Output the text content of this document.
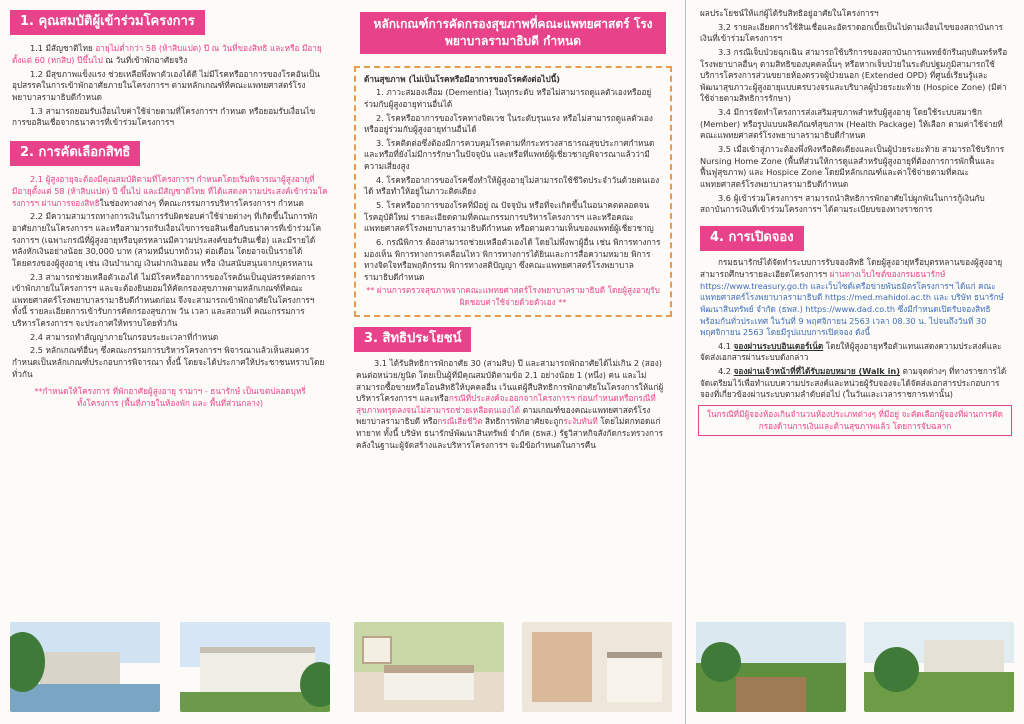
1. คุณสมบัติผู้เข้าร่วมโครงการ

1.1 มีสัญชาติไทย อายุไม่ต่ำกว่า 58 (ห้าสิบแปด) ปี ณ วันที่ของสิทธิ และหรือ มีอายุตั้งแต่ 60 (หกสิบ) ปีขึ้นไป ณ วันที่เข้าพักอาศัยจริง

1.2 มีสุขภาพแข็งแรง ช่วยเหลือพึ่งพาตัวเองได้ดี ไม่มีโรคหรืออาการของโรคอันเป็นอุปสรรคในการเข้าพักอาศัยภายในโครงการฯ ตามหลักเกณฑ์ที่คณะแพทยศาสตร์โรงพยาบาลรามาธิบดีกำหนด

1.3 สามารถยอมรับเงื่อนไขค่าใช้จ่ายตามที่โครงการฯ กำหนด หรือยอมรับเงื่อนไขการขอสินเชื่อจากธนาคารที่เข้าร่วมโครงการฯ

2. การคัดเลือกสิทธิ

2.1 ผู้สูงอายุจะต้องมีคุณสมบัติตามที่โครงการฯ กำหนดโดยเริ่มพิจารณาผู้สูงอายุที่มีอายุตั้งแต่ 58 (ห้าสิบแปด) ปี ขึ้นไป และมีสัญชาติไทย ที่ได้แสดงความประสงค์เข้าร่วมโครงการฯ ผ่านการจองสิทธิในช่องทางต่างๆ ที่คณะกรรมการบริหารโครงการฯ กำหนด

2.2 มีความสามารถทางการเงินในการรับผิดชอบค่าใช้จ่ายต่างๆ ที่เกิดขึ้นในการพักอาศัยภายในโครงการฯ และหรือสามารถรับเงื่อนไขการขอสินเชื่อกับธนาคารที่เข้าร่วมโครงการฯ (เฉพาะกรณีที่ผู้สูงอายุหรือบุตรหลานมีความประสงค์ขอรับสินเชื่อ) และมีรายได้หลังหักเงินอย่างน้อย 30,000 บาท (สามหมื่นบาทถ้วน) ต่อเดือน โดยอาจเป็นรายได้โดยตรงของผู้สูงอายุ เช่น เงินบำนาญ เงินฝากเงินออม หรือ เงินสนับสนุนจากบุตรหลาน

2.3 สามารถช่วยเหลือตัวเองได้ ไม่มีโรคหรืออาการของโรคอันเป็นอุปสรรคต่อการเข้าพักภายในโครงการฯ และจะต้องยินยอมให้คัดกรองสุขภาพตามหลักเกณฑ์ที่คณะแพทยศาสตร์โรงพยาบาลรามาธิบดีกำหนดก่อน จึงจะสามารถเข้าพักอาศัยในโครงการฯ ทั้งนี้ รายละเอียดการเข้ารับการคัดกรองสุขภาพ วัน เวลา และสถานที่ คณะกรรมการบริหารโครงการฯ จะประกาศให้ทราบโดยทั่วกัน

2.4 สามารถทำสัญญาภายในกรอบระยะเวลาที่กำหนด

2.5 หลักเกณฑ์อื่นๆ ซึ่งคณะกรรมการบริหารโครงการฯ พิจารณาแล้วเห็นสมควรกำหนดเป็นหลักเกณฑ์ประกอบการพิจารณา ทั้งนี้ โดยจะได้ประกาศให้ประชาชนทราบโดยทั่วกัน

**กำหนดให้โครงการ ที่พักอาศัยผู้สูงอายุ รามาฯ - ธนารักษ์ เป็นเขตปลอดบุหรี่ทั้งโครงการ (พื้นที่ภายในห้องพัก และ พื้นที่ส่วนกลาง)
หลักเกณฑ์การคัดกรองสุขภาพที่คณะแพทยศาสตร์ โรงพยาบาลรามาธิบดี กำหนด
ด้านสุขภาพ (ไม่เป็นโรคหรือมีอาการของโรคดังต่อไปนี้)

1. ภาวะสมองเสื่อม (Dementia) ในทุกระดับ หรือไม่สามารถดูแลตัวเองหรืออยู่ร่วมกับผู้สูงอายุท่านอื่นได้

2. โรคหรืออาการของโรคทางจิตเวช ในระดับรุนแรง หรือไม่สามารถดูแลตัวเองหรืออยู่ร่วมกับผู้สูงอายุท่านอื่นได้

3. โรคติดต่อซึ่งต้องมีการควบคุมโรคตามที่กระทรวงสาธารณสุขประกาศกำหนด และหรือที่ยังไม่มีการรักษาในปัจจุบัน และหรือที่แพทย์ผู้เชี่ยวชาญพิจารณาแล้วว่ามีความเสี่ยงสูง

4. โรคหรืออาการของโรคซึ่งทำให้ผู้สูงอายุไม่สามารถใช้ชีวิตประจำวันด้วยตนเองได้ หรือทำให้อยู่ในภาวะติดเตียง

5. โรคหรืออาการของโรคที่มีอยู่ ณ ปัจจุบัน หรือที่จะเกิดขึ้นในอนาคตตลอดจนโรคอุบัติใหม่ รายละเอียดตามที่คณะกรรมการบริหารโครงการฯ และหรือคณะแพทยศาสตร์โรงพยาบาลรามาธิบดีกำหนด หรือตามความเห็นของแพทย์ผู้เชี่ยวชาญ

6. กรณีพิการ ต้องสามารถช่วยเหลือตัวเองได้ โดยไม่พึ่งพาผู้อื่น เช่น พิการทางการมองเห็น พิการทางการเคลื่อนไหว พิการทางการได้ยินและการสื่อความหมาย พิการทางจิตใจหรือพฤติกรรม พิการทางสติปัญญา ซึ่งคณะแพทยศาสตร์โรงพยาบาลรามาธิบดีกำหนด

** ผ่านการตรวจสุขภาพจากคณะแพทยศาสตร์โรงพยาบาลรามาธิบดี โดยผู้สูงอายุรับผิดชอบค่าใช้จ่ายด้วยตัวเอง **
3. สิทธิประโยชน์

3.1 ได้รับสิทธิการพักอาศัย 30 (สามสิบ) ปี และสามารถพักอาศัยได้ไม่เกิน 2 (สอง) คนต่อหน่วย/ยูนิต โดยเป็นผู้ที่มีคุณสมบัติตามข้อ 2.1 อย่างน้อย 1 (หนึ่ง) คน และไม่สามารถซื้อขายหรือโอนสิทธิให้บุคคลอื่น เว้นแต่ผู้สืบสิทธิการพักอาศัยในโครงการให้แก่ผู้บริหารโครงการฯ และหรือกรณีที่ประสงค์จะออกจากโครงการฯ ก่อนกำหนดหรือกรณีที่สุขภาพทรุดลงจนไม่สามารถช่วยเหลือตนเองได้ ตามเกณฑ์ของคณะแพทยศาสตร์โรงพยาบาลรามาธิบดี หรือกรณีเสียชีวิต สิทธิการพักอาศัยจะถูกระงับทันที โดยไม่ตกทอดแก่ทายาท ทั้งนี้ บริษัท ธนารักษ์พัฒนาสินทรัพย์ จำกัด (ธพส.) รัฐวิสาหกิจสังกัดกระทรวงการคลังในฐานะผู้จัดสร้างและบริหารโครงการฯ จะมีข้อกำหนดในการคืน

ผลประโยชน์ให้แก่ผู้ได้รับสิทธิอยู่อาศัยในโครงการฯ

3.2 รายละเอียดการใช้สินเชื่อและอัตราดอกเบี้ยเป็นไปตามเงื่อนไขของสถาบันการเงินที่เข้าร่วมโครงการฯ

3.3 กรณีเจ็บป่วยฉุกเฉิน สามารถใช้บริการของสถาบันการแพทย์จักรีนฤบดินทร์หรือโรงพยาบาลอื่นๆ ตามสิทธิของบุคคลนั้นๆ หรือหากเจ็บป่วยในระดับปฐมภูมิสามารถใช้บริการโครงการส่วนขยายห้องตรวจผู้ป่วยนอก (Extended OPD) ที่ศูนย์เรียนรู้และพัฒนาสุขภาวะผู้สูงอายุแบบครบวงจรและบริบาลผู้ป่วยระยะท้าย (Hospice Zone) (มีค่าใช้จ่ายตามสิทธิการรักษา)

3.4 มีการจัดทำโครงการส่งเสริมสุขภาพสำหรับผู้สูงอายุ โดยใช้ระบบสมาชิก (Member) หรือรูปแบบผลิตภัณฑ์สุขภาพ (Health Package) ให้เลือก ตามค่าใช้จ่ายที่คณะแพทยศาสตร์โรงพยาบาลรามาธิบดีกำหนด

3.5 เมื่อเข้าสู่ภาวะต้องพึ่งพิงหรือติดเตียงและเป็นผู้ป่วยระยะท้าย สามารถใช้บริการ Nursing Home Zone (พื้นที่ส่วนให้การดูแลสำหรับผู้สูงอายุที่ต้องการการพักฟื้นและฟื้นฟูสุขภาพ) และ Hospice Zone โดยมีหลักเกณฑ์และค่าใช้จ่ายตามที่คณะแพทยศาสตร์โรงพยาบาลรามาธิบดีกำหนด

3.6 ผู้เข้าร่วมโครงการฯ สามารถนำสิทธิการพักอาศัยไปผูกพันในการกู้เงินกับสถาบันการเงินที่เข้าร่วมโครงการฯ ได้ตามระเบียบของทางราชการ

4. การเปิดจอง

กรมธนารักษ์ได้จัดทำระบบการรับจองสิทธิ โดยผู้สูงอายุหรือบุตรหลานของผู้สูงอายุสามารถศึกษารายละเอียดโครงการฯ ผ่านทางเว็บไซต์ของกรมธนารักษ์ https://www.treasury.go.th และเว็บไซต์เครือข่ายพันธมิตรโครงการฯ ได้แก่ คณะแพทยศาสตร์โรงพยาบาลรามาธิบดี https://med.mahidol.ac.th และ บริษัท ธนารักษ์พัฒนาสินทรัพย์ จำกัด (ธพส.) https://www.dad.co.th ซึ่งมีกำหนดเปิดรับจองสิทธิพร้อมกันทั่วประเทศ ในวันที่ 9 พฤศจิกายน 2563 เวลา 08.30 น. ไปจนถึงวันที่ 30 พฤศจิกายน 2563 โดยมีรูปแบบการเปิดจอง ดังนี้

4.1 จองผ่านระบบอินเตอร์เน็ต โดยให้ผู้สูงอายุหรือตัวแทนแสดงความประสงค์และจัดส่งเอกสารผ่านระบบดังกล่าว

4.2 จองผ่านเจ้าหน้าที่ที่ได้รับมอบหมาย (Walk in) ตามจุดต่างๆ ที่ทางราชการได้จัดเตรียมไว้เพื่อทำแบบความประสงค์และหน่วยผู้รับจองจะได้จัดส่งเอกสารประกอบการจองที่เกี่ยวข้องผ่านระบบตามลำดับต่อไป (ในวันและเวลาราชการเท่านั้น)

ในกรณีที่มีผู้จองห้องเกินจำนวนห้องประเภทต่างๆ ที่มีอยู่ จะคัดเลือกผู้จองที่ผ่านการคัดกรองด้านการเงินและด้านสุขภาพแล้ว โดยการจับฉลาก
